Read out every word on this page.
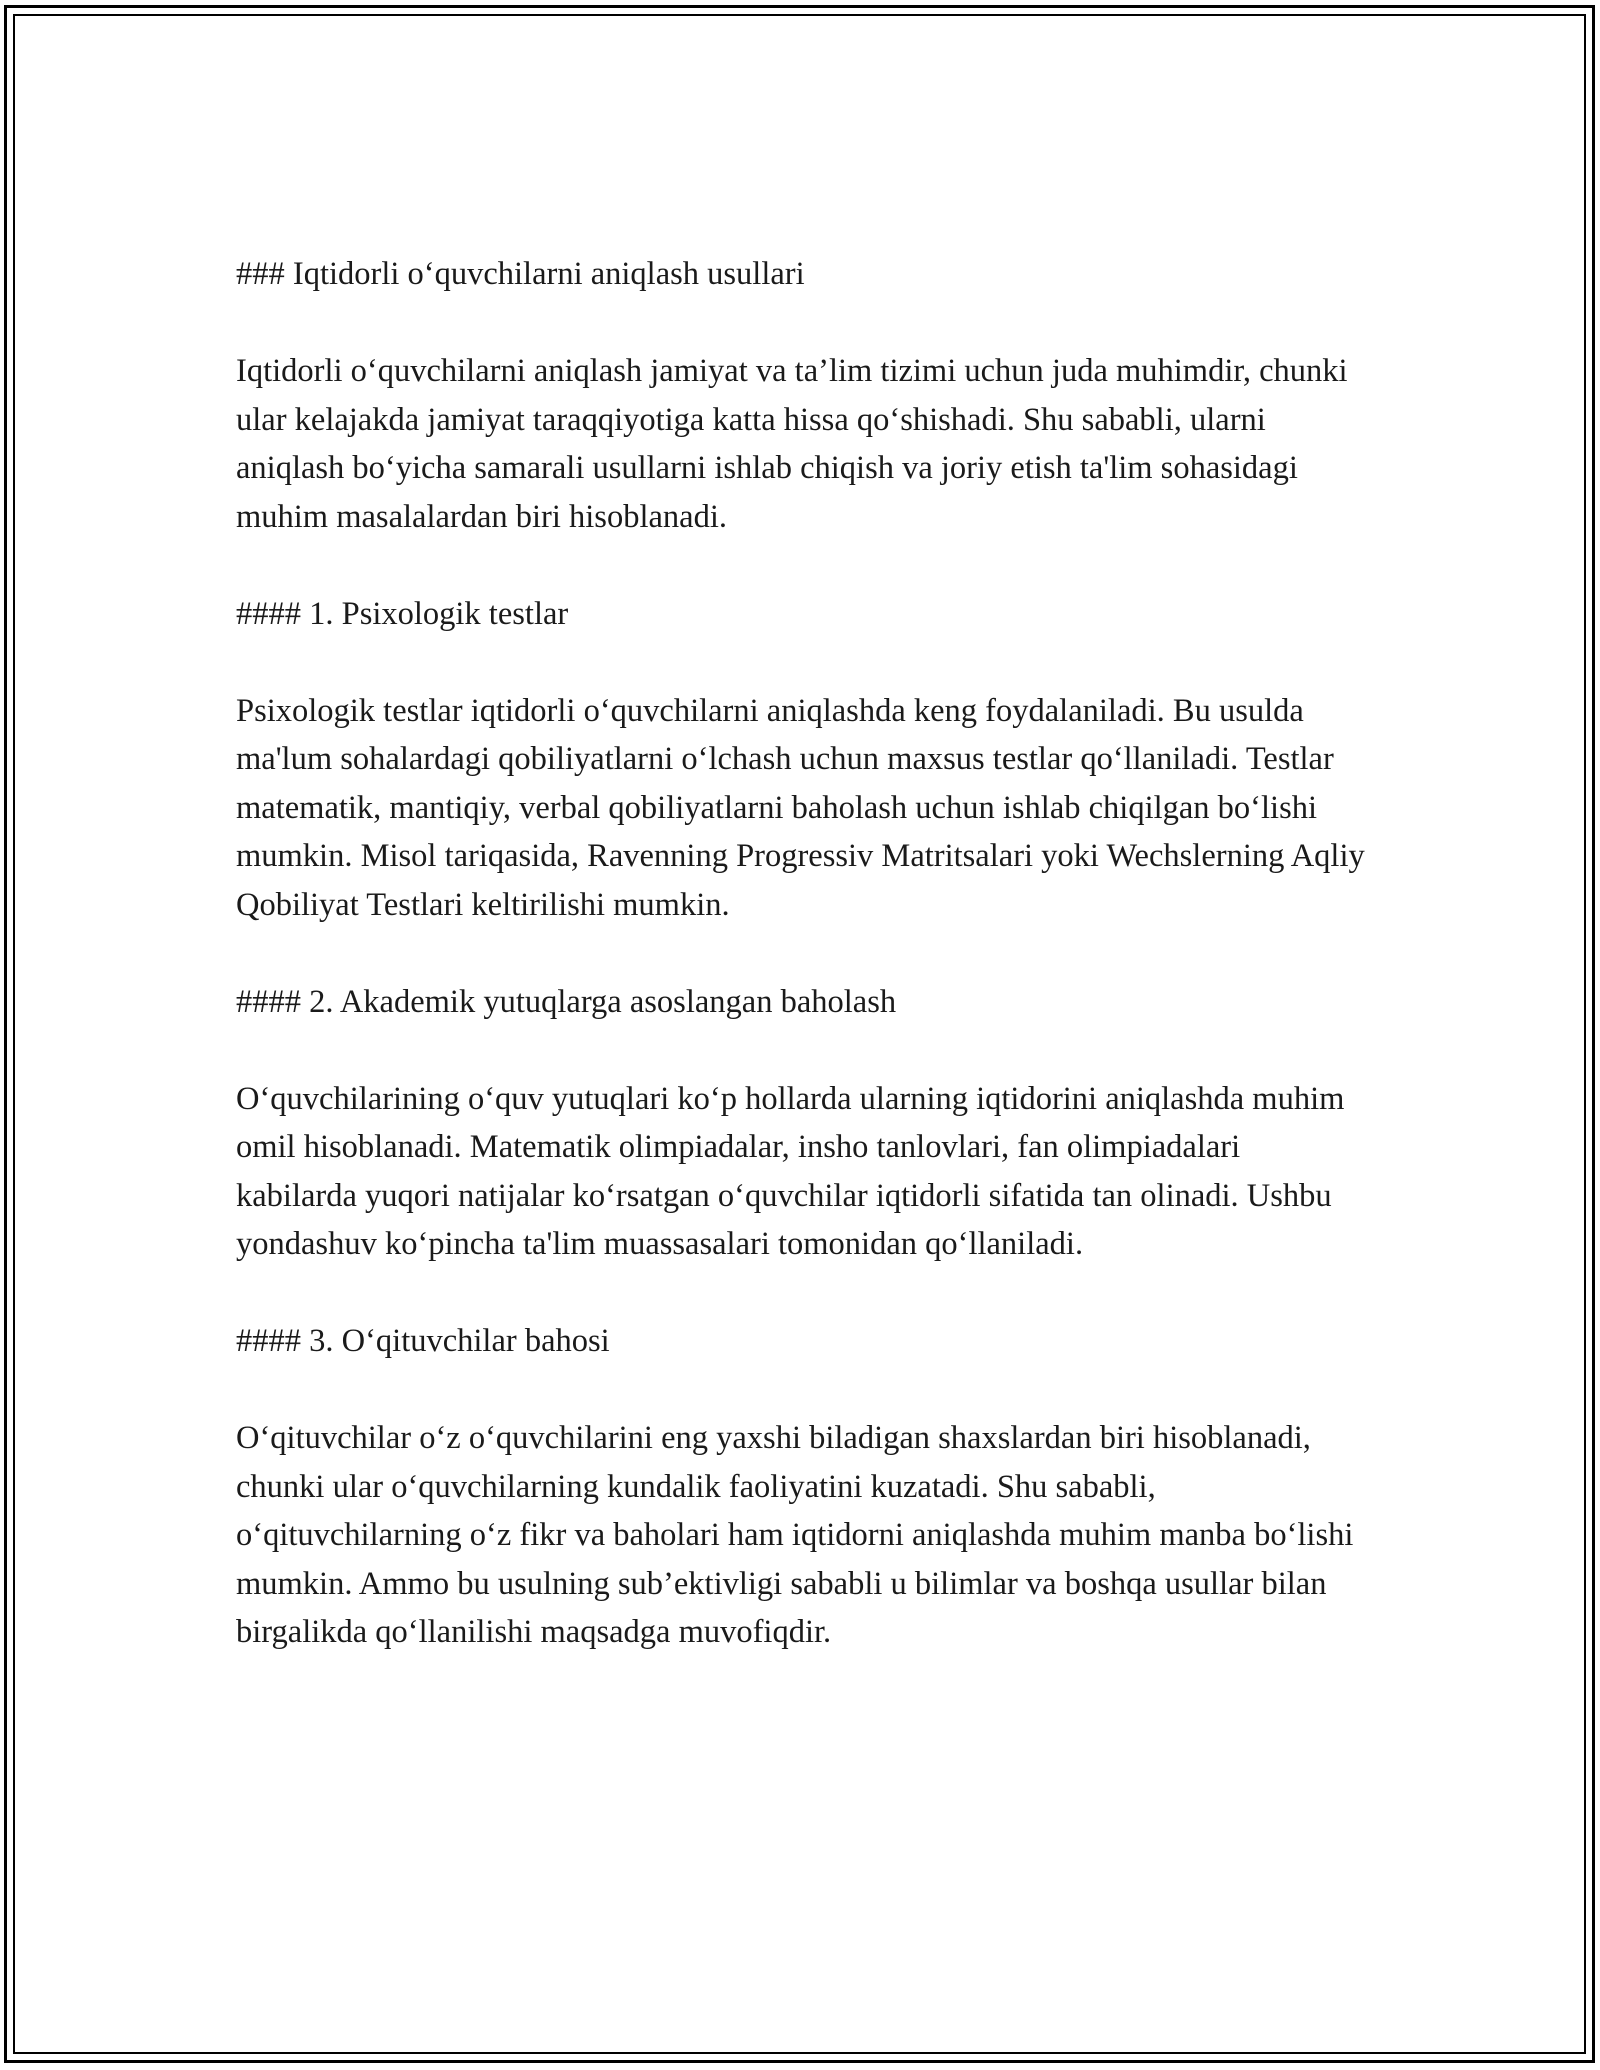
### Iqtidorli o‘quvchilarni aniqlash usullari

Iqtidorli o‘quvchilarni aniqlash jamiyat va ta’lim tizimi uchun juda muhimdir, chunki ular kelajakda jamiyat taraqqiyotiga katta hissa qo‘shishadi. Shu sababli, ularni aniqlash bo‘yicha samarali usullarni ishlab chiqish va joriy etish ta'lim sohasidagi muhim masalalardan biri hisoblanadi.

#### 1. Psixologik testlar

Psixologik testlar iqtidorli o‘quvchilarni aniqlashda keng foydalaniladi. Bu usulda ma'lum sohalardagi qobiliyatlarni o‘lchash uchun maxsus testlar qo‘llaniladi. Testlar matematik, mantiqiy, verbal qobiliyatlarni baholash uchun ishlab chiqilgan bo‘lishi mumkin. Misol tariqasida, Ravenning Progressiv Matritsalari yoki Wechslerning Aqliy Qobiliyat Testlari keltirilishi mumkin.

#### 2. Akademik yutuqlarga asoslangan baholash

O‘quvchilarining o‘quv yutuqlari ko‘p hollarda ularning iqtidorini aniqlashda muhim omil hisoblanadi. Matematik olimpiadalar, insho tanlovlari, fan olimpiadalari kabilarda yuqori natijalar ko‘rsatgan o‘quvchilar iqtidorli sifatida tan olinadi. Ushbu yondashuv ko‘pincha ta'lim muassasalari tomonidan qo‘llaniladi.

#### 3. O‘qituvchilar bahosi

O‘qituvchilar o‘z o‘quvchilarini eng yaxshi biladigan shaxslardan biri hisoblanadi, chunki ular o‘quvchilarning kundalik faoliyatini kuzatadi. Shu sababli, o‘qituvchilarning o‘z fikr va baholari ham iqtidorni aniqlashda muhim manba bo‘lishi mumkin. Ammo bu usulning sub’ektivligi sababli u bilimlar va boshqa usullar bilan birgalikda qo‘llanilishi maqsadga muvofiqdir.
